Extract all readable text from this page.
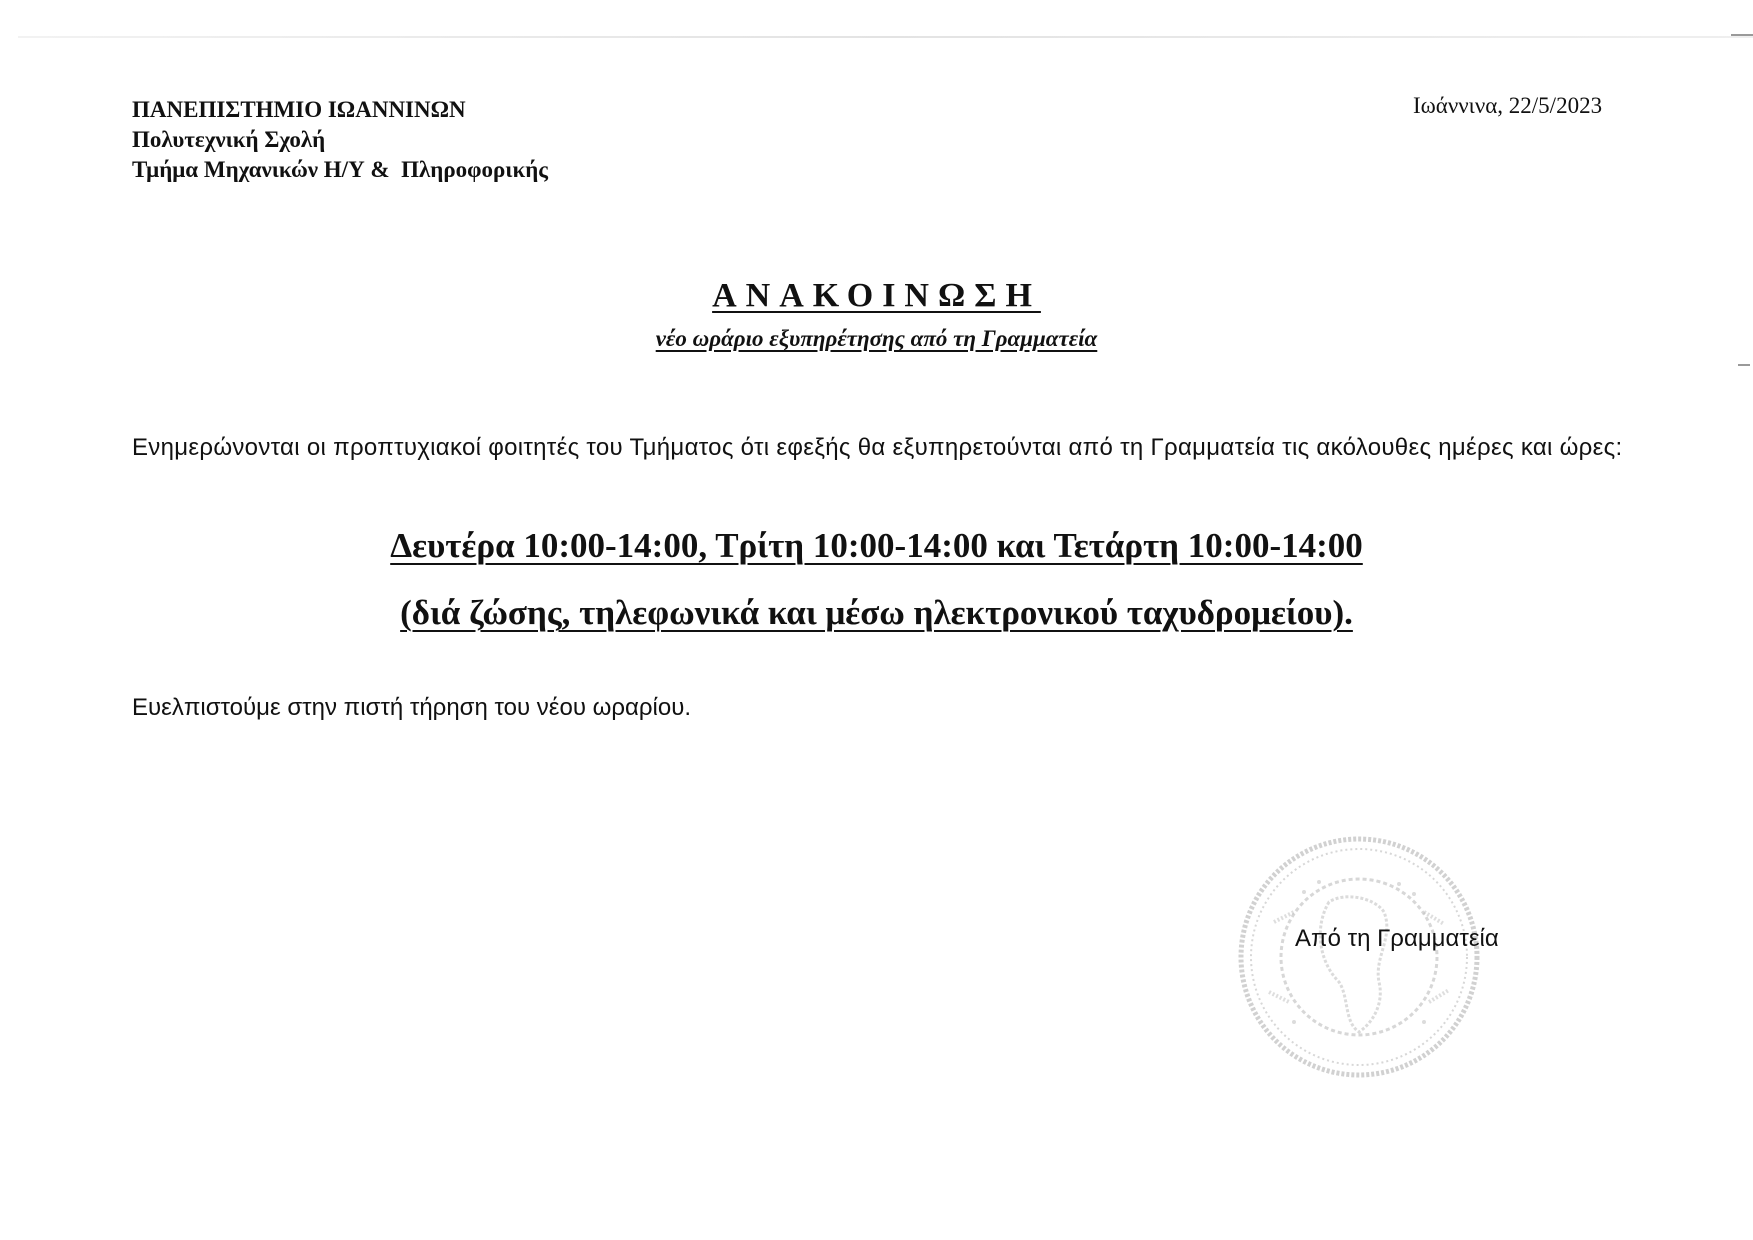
ΠΑΝΕΠΙΣΤΗΜΙΟ ΙΩΑΝΝΙΝΩΝ
Πολυτεχνική Σχολή
Τμήμα Μηχανικών Η/Υ &  Πληροφορικής
Ιωάννινα, 22/5/2023
ΑΝΑΚΟΙΝΩΣΗ
νέο ωράριο εξυπηρέτησης από τη Γραμματεία
Ενημερώνονται οι προπτυχιακοί φοιτητές του Τμήματος ότι εφεξής θα εξυπηρετούνται από τη Γραμματεία τις ακόλουθες ημέρες και ώρες:
Δευτέρα 10:00-14:00, Τρίτη 10:00-14:00 και Τετάρτη 10:00-14:00
(διά ζώσης, τηλεφωνικά και μέσω ηλεκτρονικού ταχυδρομείου).
Ευελπιστούμε στην πιστή τήρηση του νέου ωραρίου.
Από τη Γραμματεία
